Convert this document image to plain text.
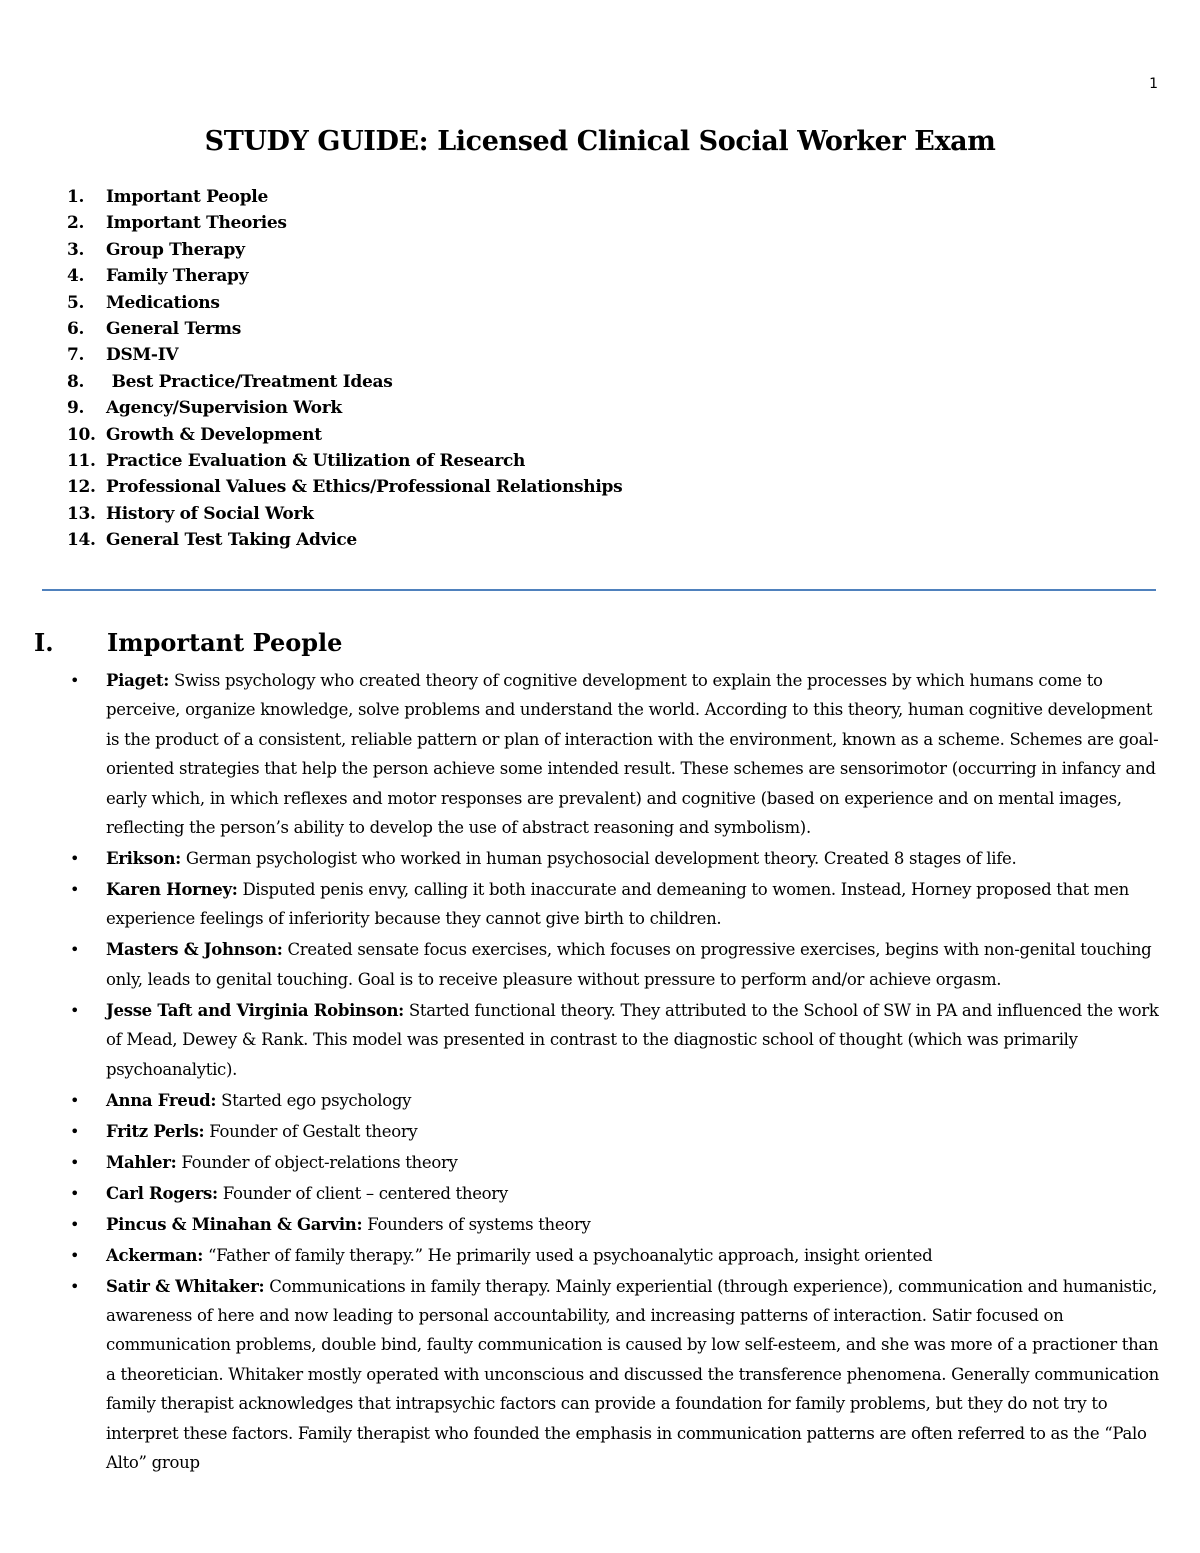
1
STUDY GUIDE: Licensed Clinical Social Worker Exam
1. Important People
2. Important Theories
3. Group Therapy
4. Family Therapy
5. Medications
6. General Terms
7. DSM-IV
8. Best Practice/Treatment Ideas
9. Agency/Supervision Work
10. Growth & Development
11. Practice Evaluation & Utilization of Research
12. Professional Values & Ethics/Professional Relationships
13. History of Social Work
14. General Test Taking Advice
I. Important People
• Piaget: Swiss psychology who created theory of cognitive development to explain the processes by which humans come to perceive, organize knowledge, solve problems and understand the world. According to this theory, human cognitive development is the product of a consistent, reliable pattern or plan of interaction with the environment, known as a scheme. Schemes are goal-oriented strategies that help the person achieve some intended result. These schemes are sensorimotor (occurring in infancy and early which, in which reflexes and motor responses are prevalent) and cognitive (based on experience and on mental images, reflecting the person’s ability to develop the use of abstract reasoning and symbolism).
• Erikson: German psychologist who worked in human psychosocial development theory. Created 8 stages of life.
• Karen Horney: Disputed penis envy, calling it both inaccurate and demeaning to women. Instead, Horney proposed that men experience feelings of inferiority because they cannot give birth to children.
• Masters & Johnson: Created sensate focus exercises, which focuses on progressive exercises, begins with non-genital touching only, leads to genital touching. Goal is to receive pleasure without pressure to perform and/or achieve orgasm.
• Jesse Taft and Virginia Robinson: Started functional theory. They attributed to the School of SW in PA and influenced the work of Mead, Dewey & Rank. This model was presented in contrast to the diagnostic school of thought (which was primarily psychoanalytic).
• Anna Freud: Started ego psychology
• Fritz Perls: Founder of Gestalt theory
• Mahler: Founder of object-relations theory
• Carl Rogers: Founder of client – centered theory
• Pincus & Minahan & Garvin: Founders of systems theory
• Ackerman: “Father of family therapy.” He primarily used a psychoanalytic approach, insight oriented
• Satir & Whitaker: Communications in family therapy. Mainly experiential (through experience), communication and humanistic, awareness of here and now leading to personal accountability, and increasing patterns of interaction. Satir focused on communication problems, double bind, faulty communication is caused by low self-esteem, and she was more of a practioner than a theoretician. Whitaker mostly operated with unconscious and discussed the transference phenomena. Generally communication family therapist acknowledges that intrapsychic factors can provide a foundation for family problems, but they do not try to interpret these factors. Family therapist who founded the emphasis in communication patterns are often referred to as the “Palo Alto” group
